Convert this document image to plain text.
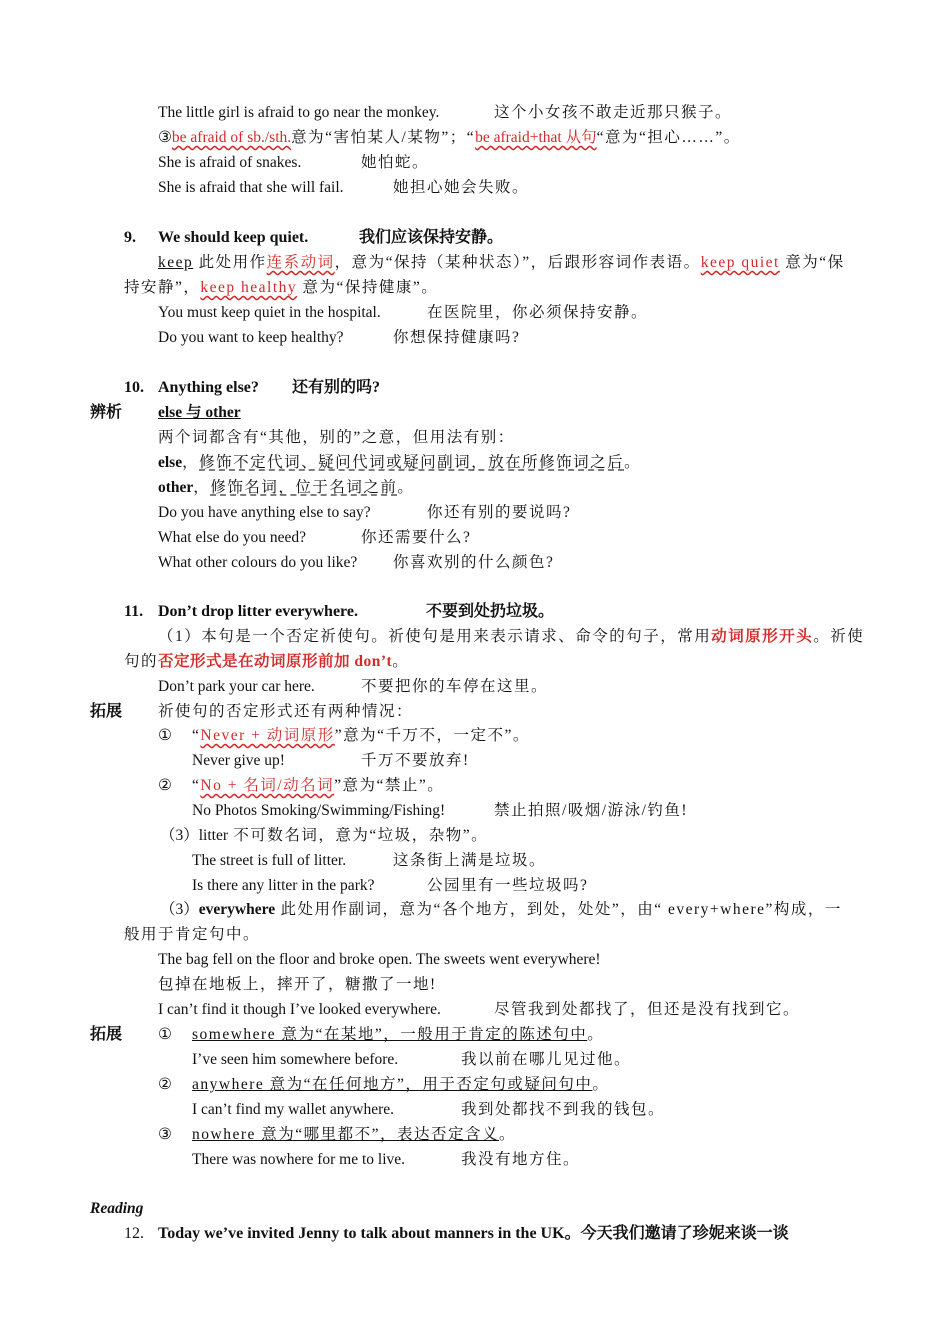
The little girl is afraid to go near the monkey.	这个小女孩不敢走近那只猴子。
③be afraid of sb./sth.意为“害怕某人/某物”；“be afraid+that 从句“意为“担心……”。
She is afraid of snakes.	她怕蛇。
She is afraid that she will fail.	她担心她会失败。
9. We should keep quiet.	我们应该保持安静。
keep 此处用作连系动词，意为“保持（某种状态）”，后跟形容词作表语。keep quiet 意为“保
持安静”，keep healthy 意为“保持健康”。
You must keep quiet in the hospital.	在医院里，你必须保持安静。
Do you want to keep healthy?	你想保持健康吗?
10. Anything else? 还有别的吗?
辨析 else 与 other
两个词都含有“其他，别的”之意，但用法有别：
else，修饰不定代词、疑问代词或疑问副词，放在所修饰词之后。
other，修饰名词，位于名词之前。
Do you have anything else to say?	你还有别的要说吗?
What else do you need?	你还需要什么?
What other colours do you like? 你喜欢别的什么颜色?
11. Don’t drop litter everywhere.	不要到处扔垃圾。
（1）本句是一个否定祈使句。祈使句是用来表示请求、命令的句子，常用动词原形开头。祈使
句的否定形式是在动词原形前加 don’t。
Don’t park your car here.	不要把你的车停在这里。
拓展 祈使句的否定形式还有两种情况：
① “Never + 动词原形”意为“千万不，一定不”。
Never give up!	千万不要放弃!
② “No + 名词/动名词”意为“禁止”。
No Photos Smoking/Swimming/Fishing!	禁止拍照/吸烟/游泳/钓鱼!
（3）litter 不可数名词，意为“垃圾，杂物”。
The street is full of litter.	这条街上满是垃圾。
Is there any litter in the park?	公园里有一些垃圾吗?
（3）everywhere 此处用作副词，意为“各个地方，到处，处处”，由“ every+where”构成，一
般用于肯定句中。
The bag fell on the floor and broke open. The sweets went everywhere!
包掉在地板上，摔开了，糖撒了一地!
I can’t find it though I’ve looked everywhere.	尽管我到处都找了，但还是没有找到它。
拓展 ① somewhere 意为“在某地”，一般用于肯定的陈述句中。
I’ve seen him somewhere before.	我以前在哪儿见过他。
② anywhere 意为“在任何地方”，用于否定句或疑问句中。
I can’t find my wallet anywhere.	我到处都找不到我的钱包。
③ nowhere 意为“哪里都不”，表达否定含义。
There was nowhere for me to live.	我没有地方住。
Reading
12. Today we’ve invited Jenny to talk about manners in the UK。今天我们邀请了珍妮来谈一谈
